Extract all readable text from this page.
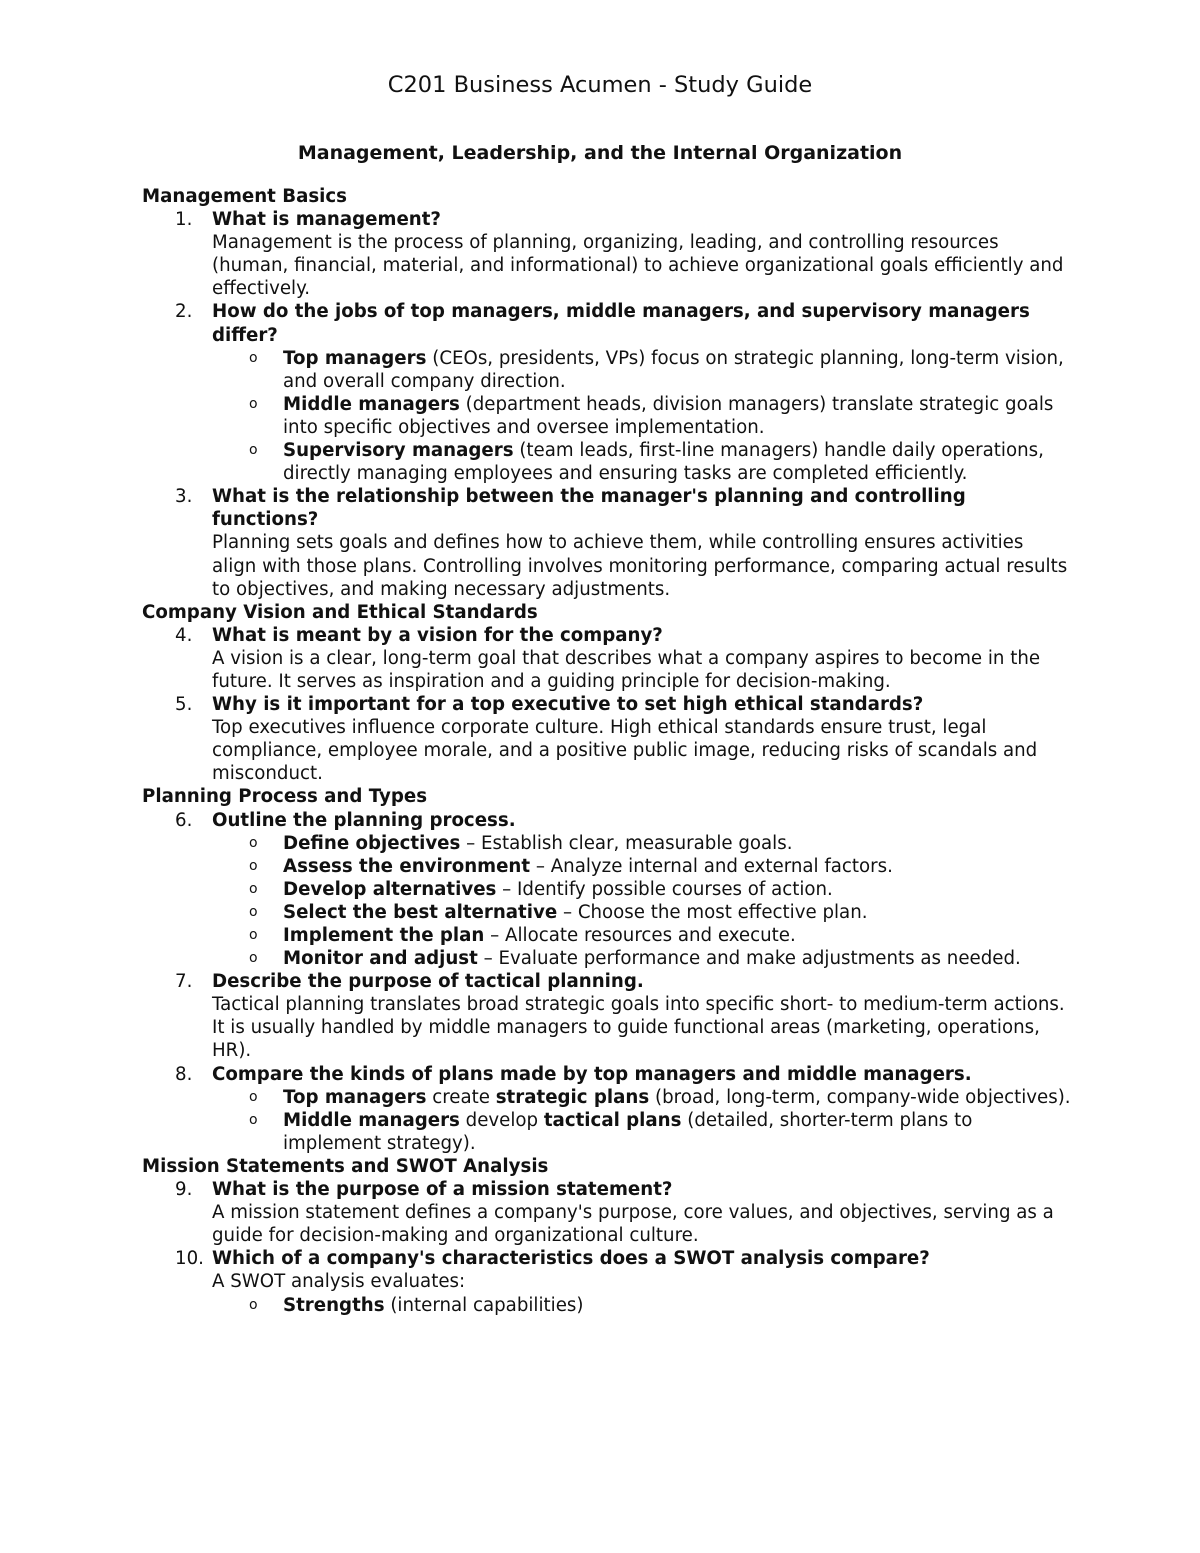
C201 Business Acumen - Study Guide
Management, Leadership, and the Internal Organization
Management Basics
1. What is management?
Management is the process of planning, organizing, leading, and controlling resources (human, financial, material, and informational) to achieve organizational goals efficiently and effectively.
2. How do the jobs of top managers, middle managers, and supervisory managers differ?
o Top managers (CEOs, presidents, VPs) focus on strategic planning, long-term vision, and overall company direction.
o Middle managers (department heads, division managers) translate strategic goals into specific objectives and oversee implementation.
o Supervisory managers (team leads, first-line managers) handle daily operations, directly managing employees and ensuring tasks are completed efficiently.
3. What is the relationship between the manager's planning and controlling functions?
Planning sets goals and defines how to achieve them, while controlling ensures activities align with those plans. Controlling involves monitoring performance, comparing actual results to objectives, and making necessary adjustments.
Company Vision and Ethical Standards
4. What is meant by a vision for the company?
A vision is a clear, long-term goal that describes what a company aspires to become in the future. It serves as inspiration and a guiding principle for decision-making.
5. Why is it important for a top executive to set high ethical standards?
Top executives influence corporate culture. High ethical standards ensure trust, legal compliance, employee morale, and a positive public image, reducing risks of scandals and misconduct.
Planning Process and Types
6. Outline the planning process.
o Define objectives – Establish clear, measurable goals.
o Assess the environment – Analyze internal and external factors.
o Develop alternatives – Identify possible courses of action.
o Select the best alternative – Choose the most effective plan.
o Implement the plan – Allocate resources and execute.
o Monitor and adjust – Evaluate performance and make adjustments as needed.
7. Describe the purpose of tactical planning.
Tactical planning translates broad strategic goals into specific short- to medium-term actions. It is usually handled by middle managers to guide functional areas (marketing, operations, HR).
8. Compare the kinds of plans made by top managers and middle managers.
o Top managers create strategic plans (broad, long-term, company-wide objectives).
o Middle managers develop tactical plans (detailed, shorter-term plans to implement strategy).
Mission Statements and SWOT Analysis
9. What is the purpose of a mission statement?
A mission statement defines a company's purpose, core values, and objectives, serving as a guide for decision-making and organizational culture.
10. Which of a company's characteristics does a SWOT analysis compare?
A SWOT analysis evaluates:
o Strengths (internal capabilities)
